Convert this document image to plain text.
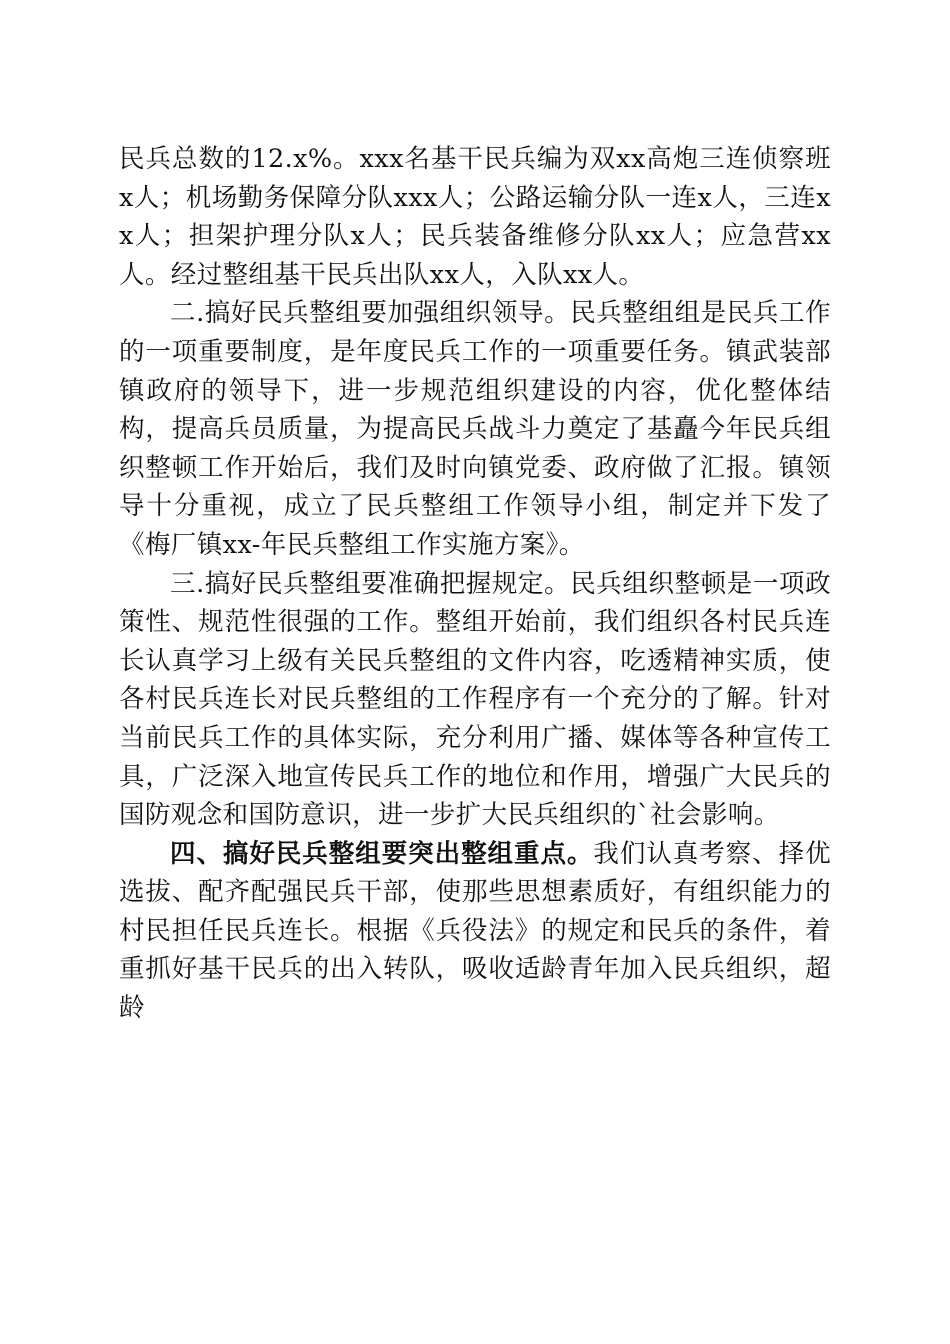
民兵总数的12.x%。xxx名基干民兵编为双xx高炮三连侦察班x人；机场勤务保障分队xxx人；公路运输分队一连x人，三连xx人；担架护理分队x人；民兵装备维修分队xx人；应急营xx人。经过整组基干民兵出队xx人，入队xx人。

二.搞好民兵整组要加强组织领导。民兵整组组是民兵工作的一项重要制度，是年度民兵工作的一项重要任务。镇武装部镇政府的领导下，进一步规范组织建设的内容，优化整体结构，提高兵员质量，为提高民兵战斗力奠定了基矗今年民兵组织整顿工作开始后，我们及时向镇党委、政府做了汇报。镇领导十分重视，成立了民兵整组工作领导小组，制定并下发了《梅厂镇xx-年民兵整组工作实施方案》。

三.搞好民兵整组要准确把握规定。民兵组织整顿是一项政策性、规范性很强的工作。整组开始前，我们组织各村民兵连长认真学习上级有关民兵整组的文件内容，吃透精神实质，使各村民兵连长对民兵整组的工作程序有一个充分的了解。针对当前民兵工作的具体实际，充分利用广播、媒体等各种宣传工具，广泛深入地宣传民兵工作的地位和作用，增强广大民兵的国防观念和国防意识，进一步扩大民兵组织的`社会影响。

四、搞好民兵整组要突出整组重点。我们认真考察、择优选拔、配齐配强民兵干部，使那些思想素质好，有组织能力的村民担任民兵连长。根据《兵役法》的规定和民兵的条件，着重抓好基干民兵的出入转队，吸收适龄青年加入民兵组织，超龄
